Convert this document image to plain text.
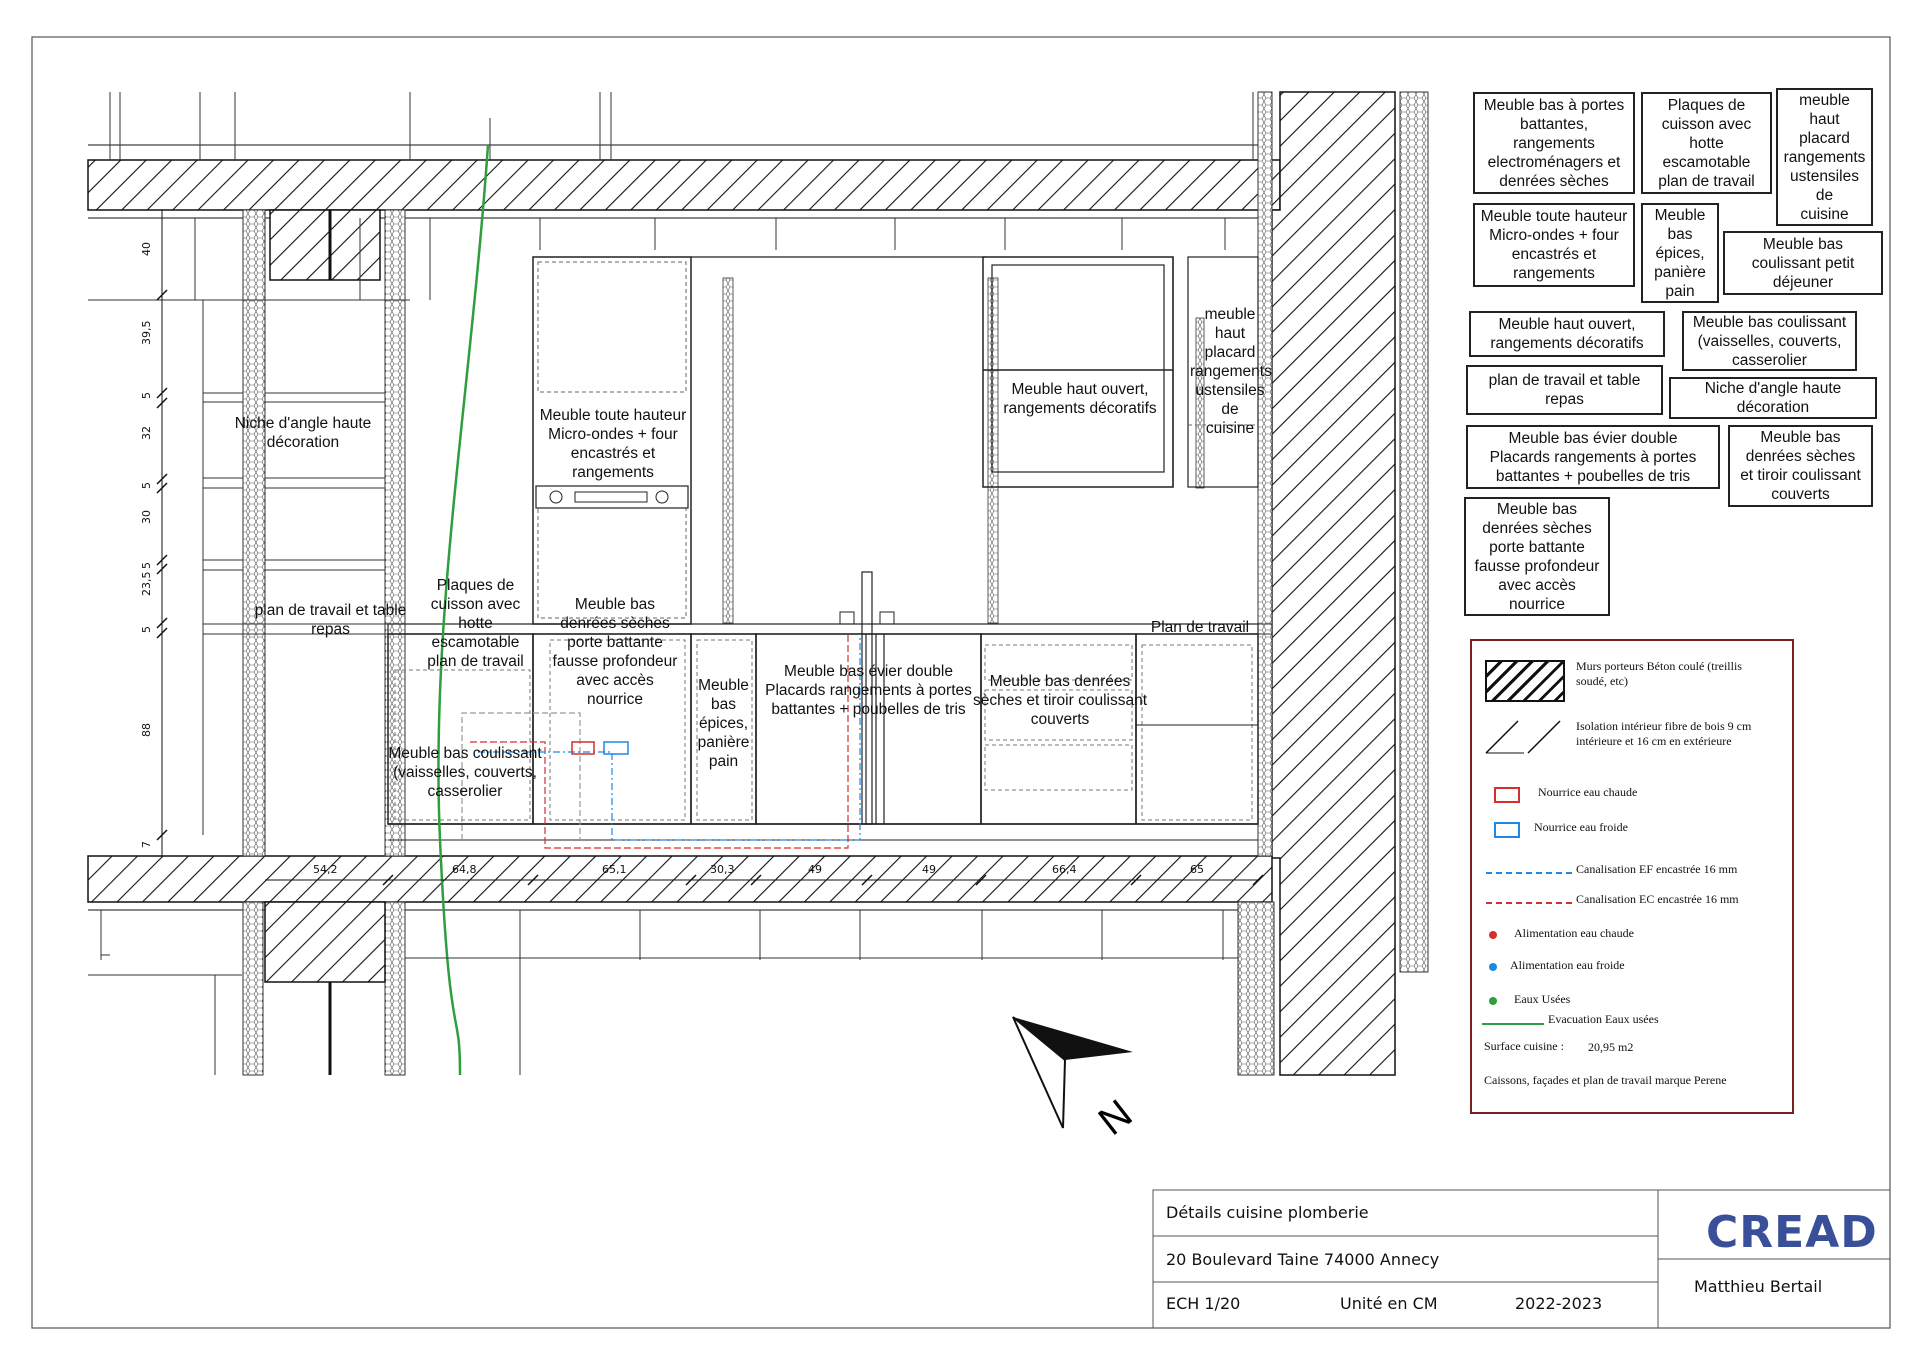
N
40
39,5
5
32
5
30
5
23,5
5
88
7
54,2	64,8	65,1	30,3	49	49	66,4	65
Niche d'angle haute
décoration
plan de travail et table
repas
Meuble toute hauteur
Micro-ondes + four
encastrés et
rangements
Plaques de
cuisson avec
hotte
escamotable
plan de travail
Meuble bas
denrées sèches
porte battante
fausse profondeur
avec accès
nourrice
Meuble
bas
épices,
panière
pain
Meuble bas évier double
Placards rangements à portes
battantes + poubelles de tris
Meuble bas denrées
sèches et tiroir coulissant
couverts
Plan de travail
Meuble bas coulissant
(vaisselles, couverts,
casserolier
Meuble haut ouvert,
rangements décoratifs
meuble
haut
placard
rangements
ustensiles
de
cuisine
Meuble bas à portes
battantes,
rangements
electroménagers et
denrées sèches
Plaques de
cuisson avec
hotte
escamotable
plan de travail
meuble
haut
placard
rangements
ustensiles
de
cuisine
Meuble toute hauteur
Micro-ondes + four
encastrés et
rangements
Meuble
bas
épices,
panière
pain
Meuble bas
coulissant petit
déjeuner
Meuble haut ouvert,
rangements décoratifs
Meuble bas coulissant
(vaisselles, couverts,
casserolier
plan de travail et table
repas
Niche d'angle haute
décoration
Meuble bas évier double
Placards rangements à portes
battantes + poubelles de tris
Meuble bas
denrées sèches
et tiroir coulissant
couverts
Meuble bas
denrées sèches
porte battante
fausse profondeur
avec accès
nourrice
Murs porteurs Béton coulé (treillis
soudé, etc)
Isolation intérieur fibre de bois 9 cm
intérieure et 16 cm en extérieure
Nourrice eau chaude
Nourrice eau froide
Canalisation EF encastrée 16 mm
Canalisation EC encastrée 16 mm
Alimentation eau chaude
Alimentation eau froide
Eaux Usées
Evacuation Eaux usées
Surface cuisine : 20,95 m2
Caissons, façades et plan de travail marque Perene
Détails cuisine plomberie
20 Boulevard Taine 74000 Annecy
ECH 1/20	Unité en CM	2022-2023
CREAD
Matthieu Bertail
